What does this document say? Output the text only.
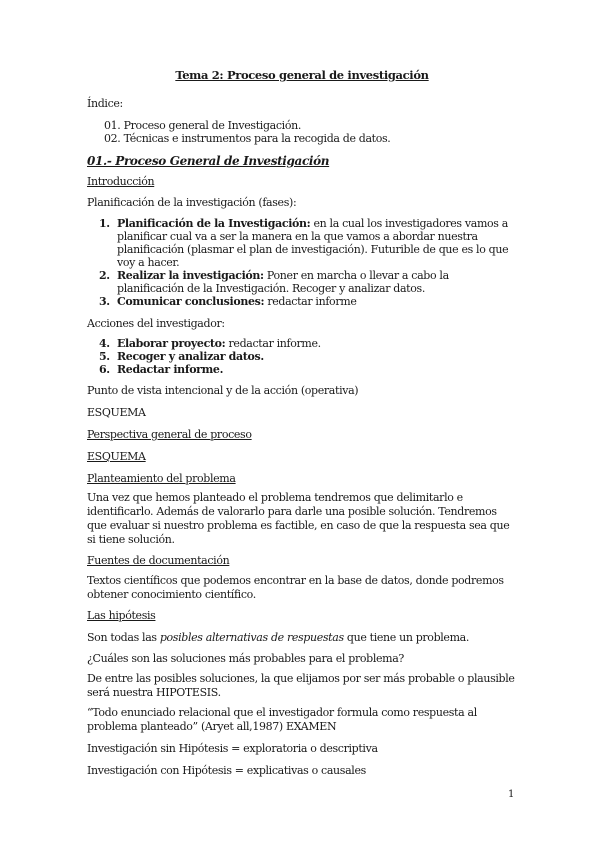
Tema 2: Proceso general de investigación

Índice:

01. Proceso general de Investigación.

02. Técnicas e instrumentos para la recogida de datos.

01.- Proceso General de Investigación

Introducción

Planificación de la investigación (fases):

1. Planificación de la Investigación: en la cual los investigadores vamos a planificar cual va a ser la manera en la que vamos a abordar nuestra planificación (plasmar el plan de investigación). Futurible de que es lo que voy a hacer.
2. Realizar la investigación: Poner en marcha o llevar a cabo la planificación de la Investigación. Recoger y analizar datos.
3. Comunicar conclusiones: redactar informe

Acciones del investigador:

4. Elaborar proyecto: redactar informe.
5. Recoger y analizar datos.
6. Redactar informe.

Punto de vista intencional y de la acción (operativa)

ESQUEMA

Perspectiva general de proceso

ESQUEMA

Planteamiento del problema

Una vez que hemos planteado el problema tendremos que delimitarlo e identificarlo. Además de valorarlo para darle una posible solución. Tendremos que evaluar si nuestro problema es factible, en caso de que la respuesta sea que si tiene solución.

Fuentes de documentación

Textos científicos que podemos encontrar en la base de datos, donde podremos obtener conocimiento científico.

Las hipótesis

Son todas las posibles alternativas de respuestas que tiene un problema.

¿Cuáles son las soluciones más probables para el problema?

De entre las posibles soluciones, la que elijamos por ser más probable o plausible será nuestra HIPOTESIS.

“Todo enunciado relacional que el investigador formula como respuesta al problema planteado” (Aryet all,1987) EXAMEN

Investigación sin Hipótesis = exploratoria o descriptiva

Investigación con Hipótesis = explicativas o causales

1
